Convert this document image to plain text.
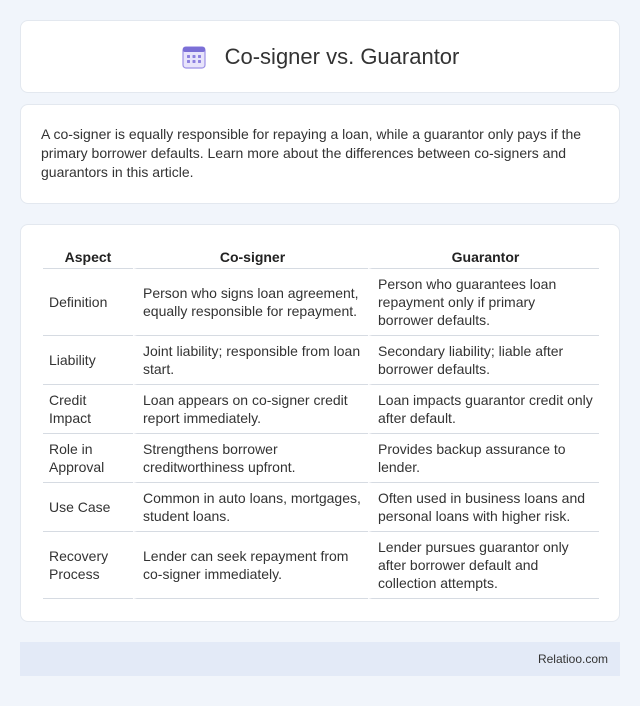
Co-signer vs. Guarantor

A co-signer is equally responsible for repaying a loan, while a guarantor only pays if the primary borrower defaults. Learn more about the differences between co-signers and guarantors in this article.

Aspect	Co-signer	Guarantor
Definition	Person who signs loan agreement, equally responsible for repayment.	Person who guarantees loan repayment only if primary borrower defaults.
Liability	Joint liability; responsible from loan start.	Secondary liability; liable after borrower defaults.
Credit Impact	Loan appears on co-signer credit report immediately.	Loan impacts guarantor credit only after default.
Role in Approval	Strengthens borrower creditworthiness upfront.	Provides backup assurance to lender.
Use Case	Common in auto loans, mortgages, student loans.	Often used in business loans and personal loans with higher risk.
Recovery Process	Lender can seek repayment from co-signer immediately.	Lender pursues guarantor only after borrower default and collection attempts.
Relatioo.com
